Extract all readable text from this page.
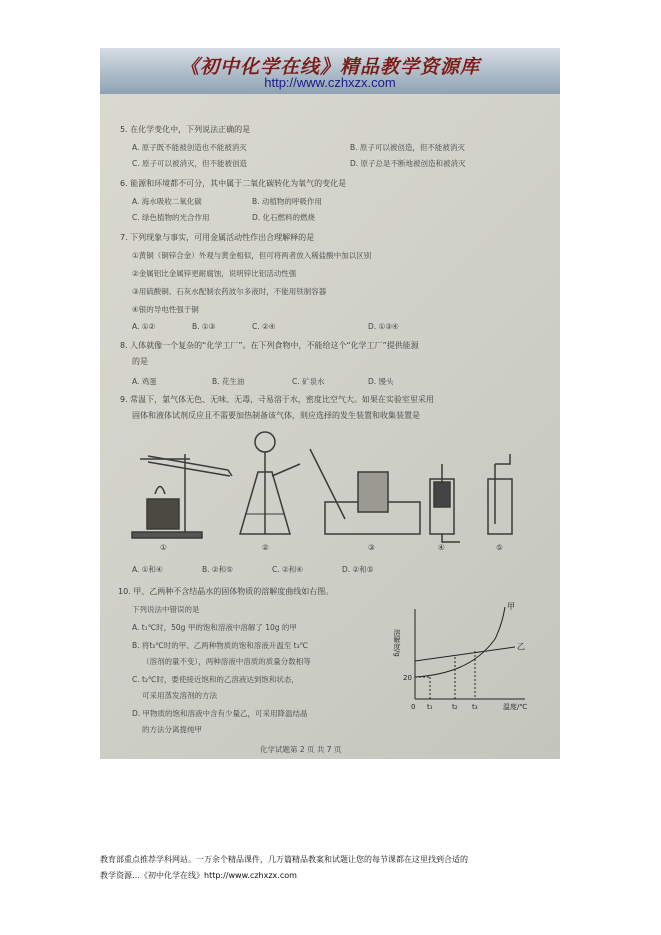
《初中化学在线》精品教学资源库
http://www.czhxzx.com
5. 在化学变化中，下列说法正确的是
A. 原子既不能被创造也不能被消灭	B. 原子可以被创造，但不能被消灭
C. 原子可以被消灭，但不能被创造	D. 原子总是不断地被创造和被消灭
6. 能源和环境都不可分，其中属于二氧化碳转化为氧气的变化是
A. 海水吸收二氧化碳	B. 动植物的呼吸作用
C. 绿色植物的光合作用	D. 化石燃料的燃烧
7. 下列现象与事实，可用金属活动性作出合理解释的是
①黄铜（铜锌合金）外观与黄金相似，但可将两者放入稀盐酸中加以区别
②金属铝比金属锌更耐腐蚀，说明锌比铝活动性强
③用硫酸铜、石灰水配制农药波尔多液时，不能用铁制容器
④银的导电性强于铜
A. ①②	B. ①③	C. ②④	D. ①③④
8. 人体就像一个复杂的“化学工厂”。在下列食物中，不能给这个“化学工厂”提供能源
的是
A. 鸡蛋	B. 花生油	C. 矿泉水	D. 馒头
9. 常温下，氯气体无色、无味、无毒，극易溶于水，密度比空气大。如果在实验室里采用
固体和液体试剂反应且不需要加热制备该气体，则应选择的发生装置和收集装置是
①	②	③	④	⑤
A. ①和④	B. ②和⑤	C. ②和④	D. ②和⑤
10. 甲、乙两种不含结晶水的固体物质的溶解度曲线如右图。
下列说法中错误的是
A. t₁℃时，50g 甲的饱和溶液中溶解了 10g 的甲
B. 将t₂℃时的甲、乙两种物质的饱和溶液升温至 t₃℃
（溶剂的量不变），两种溶液中溶质的质量分数相等
C. t₂℃时，要使接近饱和的乙溶液达到饱和状态，
可采用蒸发溶剂的方法
D. 甲物质的饱和溶液中含有少量乙，可采用降温结晶
的方法分离提纯甲
溶解度/g
甲
乙
20
0 t₁	t₂ t₃	温度/℃
化学试题第 2 页 共 7 页
教育部重点推荐学科网站。一万余个精品课件，几万篇精品教案和试题让您的每节课都在这里找到合适的
教学资源…《初中化学在线》http://www.czhxzx.com
